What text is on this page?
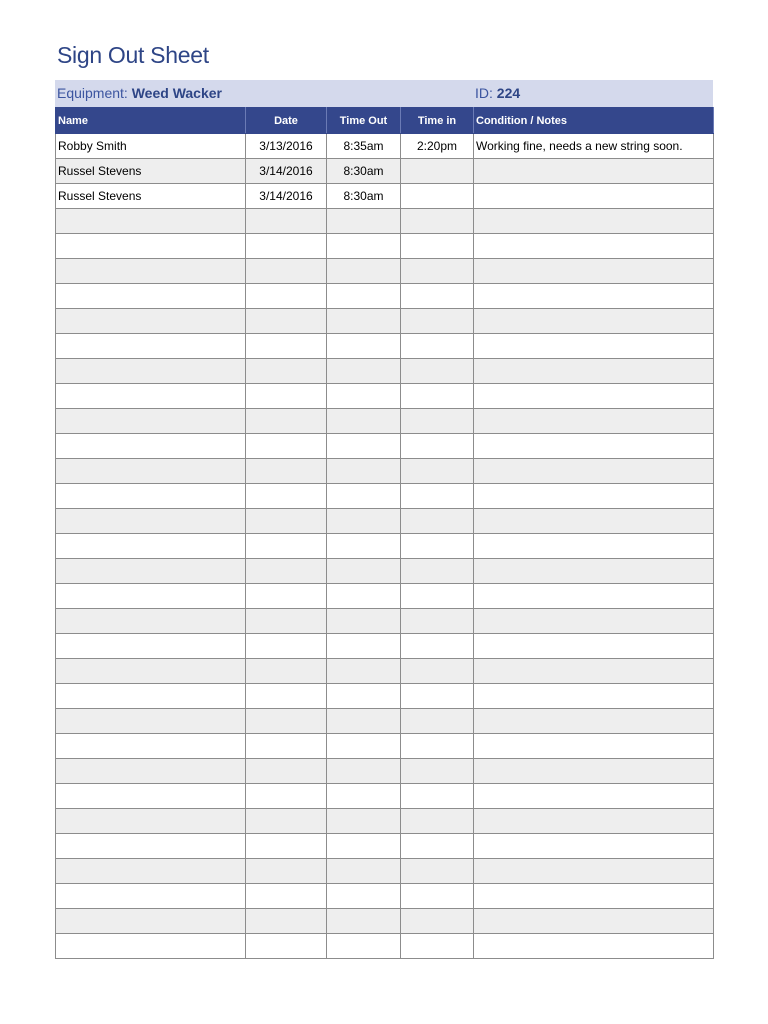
Sign Out Sheet
Equipment: Weed Wacker	ID: 224
Name	Date	Time Out	Time in	Condition / Notes
Robby Smith	3/13/2016	8:35am	2:20pm	Working fine, needs a new string soon.
Russel Stevens	3/14/2016	8:30am		
Russel Stevens	3/14/2016	8:30am		
